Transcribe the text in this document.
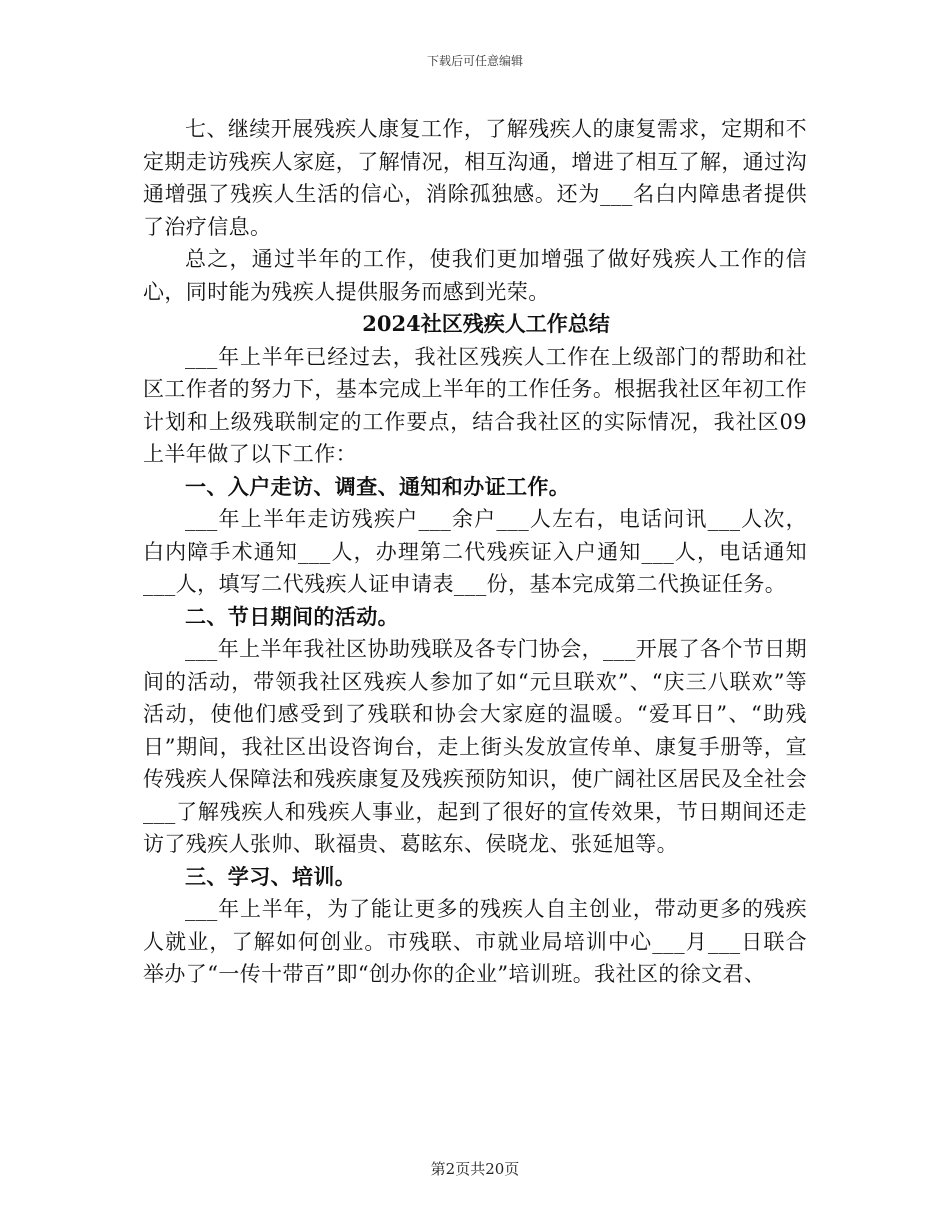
下载后可任意编辑

七、继续开展残疾人康复工作，了解残疾人的康复需求，定期和不定期走访残疾人家庭，了解情况，相互沟通，增进了相互了解，通过沟通增强了残疾人生活的信心，消除孤独感。还为___名白内障患者提供了治疗信息。

总之，通过半年的工作，使我们更加增强了做好残疾人工作的信心，同时能为残疾人提供服务而感到光荣。

2024社区残疾人工作总结

___年上半年已经过去，我社区残疾人工作在上级部门的帮助和社区工作者的努力下，基本完成上半年的工作任务。根据我社区年初工作计划和上级残联制定的工作要点，结合我社区的实际情况，我社区09上半年做了以下工作：

一、入户走访、调查、通知和办证工作。

___年上半年走访残疾户___余户___人左右，电话问讯___人次，白内障手术通知___人，办理第二代残疾证入户通知___人，电话通知___人，填写二代残疾人证申请表___份，基本完成第二代换证任务。

二、节日期间的活动。

___年上半年我社区协助残联及各专门协会，___开展了各个节日期间的活动，带领我社区残疾人参加了如“元旦联欢”、“庆三八联欢”等活动，使他们感受到了残联和协会大家庭的温暖。“爱耳日”、“助残日”期间，我社区出设咨询台，走上街头发放宣传单、康复手册等，宣传残疾人保障法和残疾康复及残疾预防知识，使广阔社区居民及全社会___了解残疾人和残疾人事业，起到了很好的宣传效果，节日期间还走访了残疾人张帅、耿福贵、葛眩东、侯晓龙、张延旭等。

三、学习、培训。

___年上半年，为了能让更多的残疾人自主创业，带动更多的残疾人就业，了解如何创业。市残联、市就业局培训中心___月___日联合举办了“一传十带百”即“创办你的企业”培训班。我社区的徐文君、

第2页共20页
